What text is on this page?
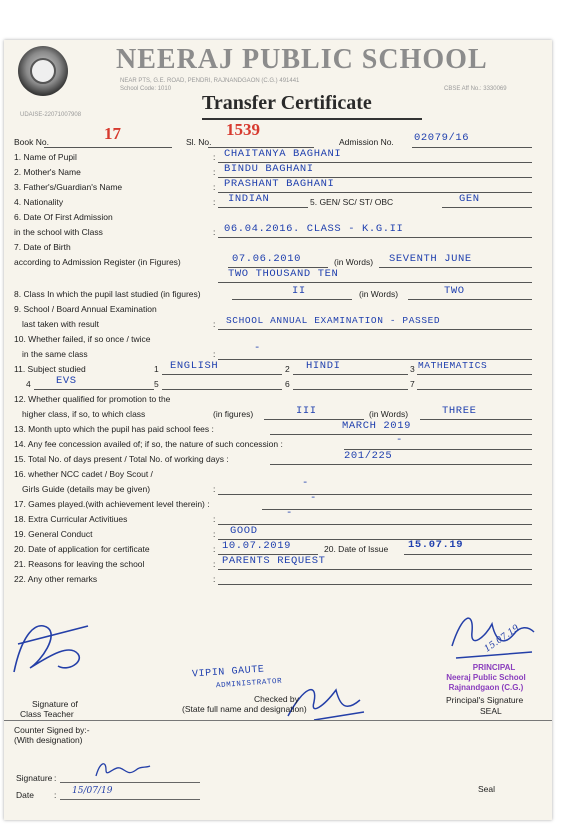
NEERAJ PUBLIC SCHOOL
NEAR PTS, G.E. ROAD, PENDRI, RAJNANDGAON (C.G.) 491441
School Code: 1010	CBSE Aff No.: 3330069
UDAISE-22071007908
Transfer Certificate
Book No.	17	Sl. No.
1539
Admission No. 02079/16
1. Name of Pupil	: CHAITANYA BAGHANI
2. Mother's Name	: BINDU BAGHANI
3. Father's/Guardian's Name	: PRASHANT BAGHANI
4. Nationality	: INDIAN	5. GEN/ SC/ ST/ OBC	GEN
6. Date Of First Admission
in the school with Class	: 06.04.2016. CLASS - K.G.II
7. Date of Birth
according to Admission Register (in Figures)	07.06.2010	(in Words) SEVENTH JUNE
TWO THOUSAND TEN
8. Class In which the pupil last studied (in figures)	II	(in Words)	TWO
9. School / Board Annual Examination
last taken with result	: SCHOOL ANNUAL EXAMINATION - PASSED
10. Whether failed, if so once / twice
in the same class	:	-
11. Subject studied	1 ENGLISH	2 HINDI	3 MATHEMATICS
4 EVS	5	6	7
12. Whether qualified for promotion to the
higher class, if so, to which class	(in figures)	III	(in Words)	THREE
13. Month upto which the pupil has paid school fees :	MARCH 2019
14. Any fee concession availed of; if so, the nature of such concession :	-
15. Total No. of days present / Total No. of working days :	201/225
16. whether NCC cadet / Boy Scout /
Girls Guide (details may be given)	:	-
17. Games played.(with achievement level therein) :	-
18. Extra Curricular Activitiues	:	-
19. General Conduct	: GOOD
20. Date of application for certificate	: 10.07.2019	20. Date of Issue 15.07.19
21. Reasons for leaving the school	: PARENTS REQUEST
22. Any other remarks	:
Signature of
Class Teacher
VIPIN GAUTE
ADMINISTRATOR
Checked by
(State full name and designation)
15.07.19
PRINCIPAL
Neeraj Public School
Rajnandgaon (C.G.)
Principal's Signature
SEAL
Counter Signed by:-
(With designation)
Signature :
Date : 15/07/19	Seal
